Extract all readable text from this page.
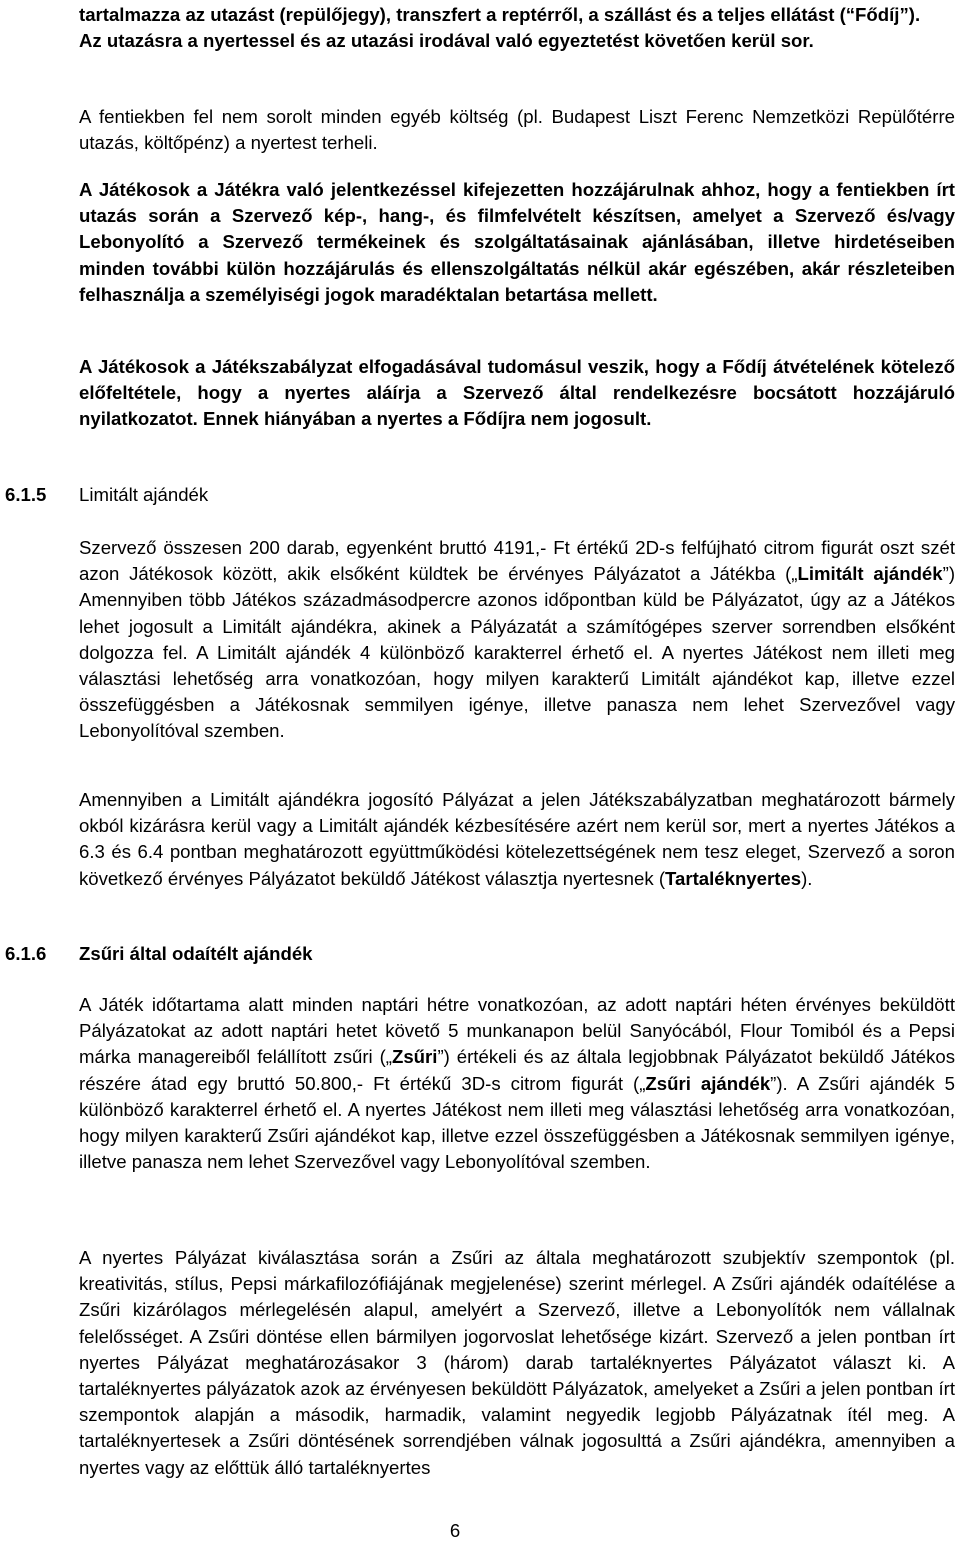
tartalmazza az utazást (repülőjegy), transzfert a reptérről, a szállást és a teljes ellátást (“Fődíj”).
Az utazásra a nyertessel és az utazási irodával való egyeztetést követően kerül sor.
A fentiekben fel nem sorolt minden egyéb költség (pl. Budapest Liszt Ferenc Nemzetközi Repülőtérre utazás, költőpénz) a nyertest terheli.
A Játékosok a Játékra való jelentkezéssel kifejezetten hozzájárulnak ahhoz, hogy a fentiekben írt utazás során a Szervező kép-, hang-, és filmfelvételt készítsen, amelyet a Szervező és/vagy Lebonyolító a Szervező termékeinek és szolgáltatásainak ajánlásában, illetve hirdetéseiben minden további külön hozzájárulás és ellenszolgáltatás nélkül akár egészében, akár részleteiben felhasználja a személyiségi jogok maradéktalan betartása mellett.
A Játékosok a Játékszabályzat elfogadásával tudomásul veszik, hogy a Fődíj átvételének kötelező előfeltétele, hogy a nyertes aláírja a Szervező által rendelkezésre bocsátott hozzájáruló nyilatkozatot. Ennek hiányában a nyertes a Fődíjra nem jogosult.
6.1.5 Limitált ajándék
Szervező összesen 200 darab, egyenként bruttó 4191,- Ft értékű 2D-s felfújható citrom figurát oszt szét azon Játékosok között, akik elsőként küldtek be érvényes Pályázatot a Játékba („Limitált ajándék”) Amennyiben több Játékos századmásodpercre azonos időpontban küld be Pályázatot, úgy az a Játékos lehet jogosult a Limitált ajándékra, akinek a Pályázatát a számítógépes szerver sorrendben elsőként dolgozza fel. A Limitált ajándék 4 különböző karakterrel érhető el. A nyertes Játékost nem illeti meg választási lehetőség arra vonatkozóan, hogy milyen karakterű Limitált ajándékot kap, illetve ezzel összefüggésben a Játékosnak semmilyen igénye, illetve panasza nem lehet Szervezővel vagy Lebonyolítóval szemben.
Amennyiben a Limitált ajándékra jogosító Pályázat a jelen Játékszabályzatban meghatározott bármely okból kizárásra kerül vagy a Limitált ajándék kézbesítésére azért nem kerül sor, mert a nyertes Játékos a 6.3 és 6.4 pontban meghatározott együttműködési kötelezettségének nem tesz eleget, Szervező a soron következő érvényes Pályázatot beküldő Játékost választja nyertesnek (Tartaléknyertes).
6.1.6 Zsűri által odaítélt ajándék
A Játék időtartama alatt minden naptári hétre vonatkozóan, az adott naptári héten érvényes beküldött Pályázatokat az adott naptári hetet követő 5 munkanapon belül Sanyócából, Flour Tomiból és a Pepsi márka managereiből felállított zsűri („Zsűri”) értékeli és az általa legjobbnak Pályázatot beküldő Játékos részére átad egy bruttó 50.800,- Ft értékű 3D-s citrom figurát („Zsűri ajándék”). A Zsűri ajándék 5 különböző karakterrel érhető el. A nyertes Játékost nem illeti meg választási lehetőség arra vonatkozóan, hogy milyen karakterű Zsűri ajándékot kap, illetve ezzel összefüggésben a Játékosnak semmilyen igénye, illetve panasza nem lehet Szervezővel vagy Lebonyolítóval szemben.
A nyertes Pályázat kiválasztása során a Zsűri az általa meghatározott szubjektív szempontok (pl. kreativitás, stílus, Pepsi márkafilozófiájának megjelenése) szerint mérlegel. A Zsűri ajándék odaítélése a Zsűri kizárólagos mérlegelésén alapul, amelyért a Szervező, illetve a Lebonyolítók nem vállalnak felelősséget. A Zsűri döntése ellen bármilyen jogorvoslat lehetősége kizárt. Szervező a jelen pontban írt nyertes Pályázat meghatározásakor 3 (három) darab tartaléknyertes Pályázatot választ ki. A tartaléknyertes pályázatok azok az érvényesen beküldött Pályázatok, amelyeket a Zsűri a jelen pontban írt szempontok alapján a második, harmadik, valamint negyedik legjobb Pályázatnak ítél meg. A tartaléknyertesek a Zsűri döntésének sorrendjében válnak jogosulttá a Zsűri ajándékra, amennyiben a nyertes vagy az előttük álló tartaléknyertes
6
